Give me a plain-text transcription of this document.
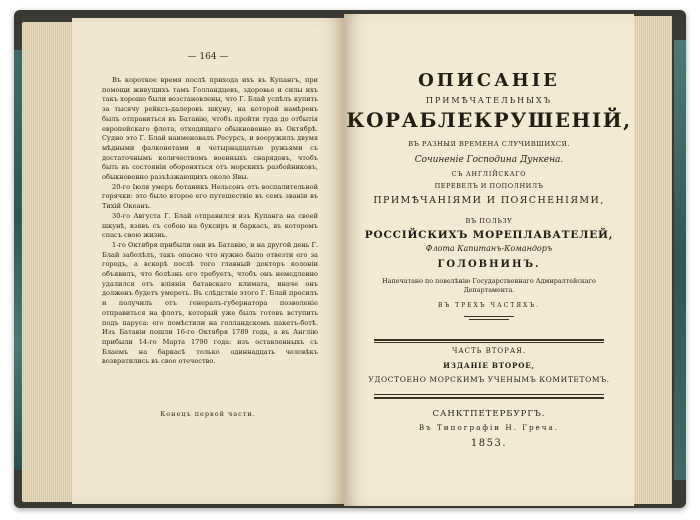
— 164 —

Въ короткое время послѣ прихода ихъ въ Купангъ, при помощи живущихъ тамъ Голландцевъ, здоровье и силы ихъ такъ хорошо были возстановлены, что Г. Блай успѣлъ купить за тысячу рейксъ-далеровъ шкуну, на которой намѣренъ былъ отправиться въ Батавію, чтобъ пройти туда до отбытія европейскаго флота, отходящаго обыкновенно въ Октябрѣ. Судно это Г. Блай наименовалъ Ресурсъ, и вооружилъ двумя мѣдными фалконетами и четырнадцатью ружьями съ достаточнымъ количествомъ военныхъ снарядовъ, чтобъ быть въ состояніи обороняться отъ морскихъ разбойниковъ, обыкновенно разъѣзжающихъ около Явы.

20-го Іюля умеръ ботаникъ Нельсонъ отъ воспалительной горячки: это было второе его путешествіе въ семъ званіи въ Тихій Океанъ.

30-го Августа Г. Блай отправился изъ Купанга на своей шкунѣ, взявъ съ собою на буксиръ и баркасъ, въ которомъ спасъ свою жизнь.

1-го Октября прибыли они въ Батавію, и на другой день Г. Блай заболѣлъ, такъ опасно что нужно было отвезти его за городъ, а вскорѣ послѣ того главный докторъ колоніи объявилъ, что болѣзнь его требуетъ, чтобъ онъ немедленно удалился отъ вліянія батавскаго климата, иначе онъ долженъ будетъ умереть. Въ слѣдствіе этого Г. Блай просилъ и получилъ отъ генералъ-губернатора позволеніе отправиться на флотъ, который уже былъ готовъ вступить подъ паруса: его помѣстили на голландскомъ пакетъ-ботѣ. Изъ Батавіи пошли 16-го Октября 1789 года, а въ Англію прибыли 14-го Марта 1790 года: изъ оставленныхъ съ Блаемъ на баркасѣ только одиннадцать человѣкъ возвратились въ свое отечество.

Конецъ первой части.
ОПИСАНІЕ
ПРИМѢЧАТЕЛЬНЫХЪ
КОРАБЛЕКРУШЕНІЙ,
ВЪ РАЗНЫЯ ВРЕМЕНА СЛУЧИВШИХСЯ.
Сочиненіе Господина Дункена.
СЪ АНГЛІЙСКАГО
ПЕРЕВЕЛЪ И ПОПОЛНИЛЪ
ПРИМѢЧАНІЯМИ И ПОЯСНЕНІЯМИ,
ВЪ ПОЛЬЗУ
РОССІЙСКИХЪ МОРЕПЛАВАТЕЛЕЙ,
Флота Капитанъ-Командоръ
ГОЛОВНИНЪ.
Напечатано по повелѣнію Государственнаго Адмиралтейскаго
Департамента.
ВЪ ТРЕХЪ ЧАСТЯХЪ.
ЧАСТЬ ВТОРАЯ.
ИЗДАНІЕ ВТОРОЕ,
УДОСТОЕНО МОРСКИМЪ УЧЕНЫМЪ КОМИТЕТОМЪ.
САНКТПЕТЕРБУРГЪ.
Въ Типографіи Н. Греча.
1853.
